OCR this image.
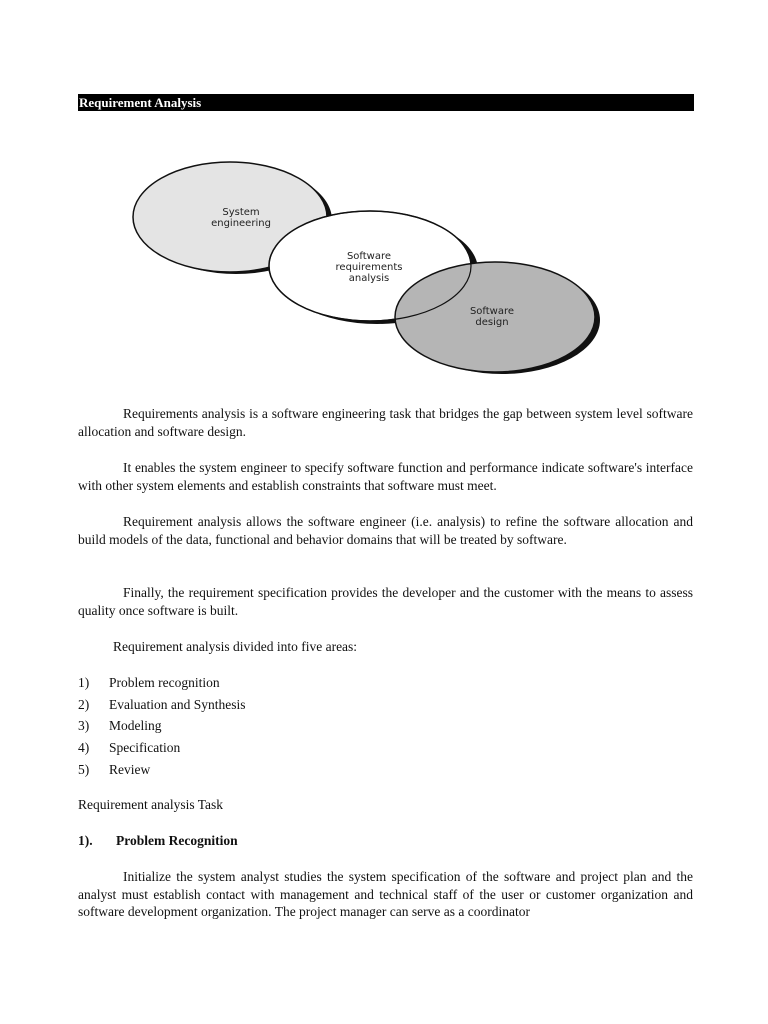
Requirement Analysis
System
engineering
Software
requirements
analysis
Software
design

Requirements analysis is a software engineering task that bridges the gap between system level software allocation and software design.

It enables the system engineer to specify software function and performance indicate software's interface with other system elements and establish constraints that software must meet.

Requirement analysis allows the software engineer (i.e. analysis) to refine the software allocation and build models of the data, functional and behavior domains that will be treated by software.

Finally, the requirement specification provides the developer and the customer with the means to assess quality once software is built.

Requirement analysis divided into five areas:
1) Problem recognition
2) Evaluation and Synthesis
3) Modeling
4) Specification
5) Review
Requirement analysis Task
1). Problem Recognition

Initialize the system analyst studies the system specification of the software and project plan and the analyst must establish contact with management and technical staff of the user or customer organization and software development organization. The project manager can serve as a coordinator
